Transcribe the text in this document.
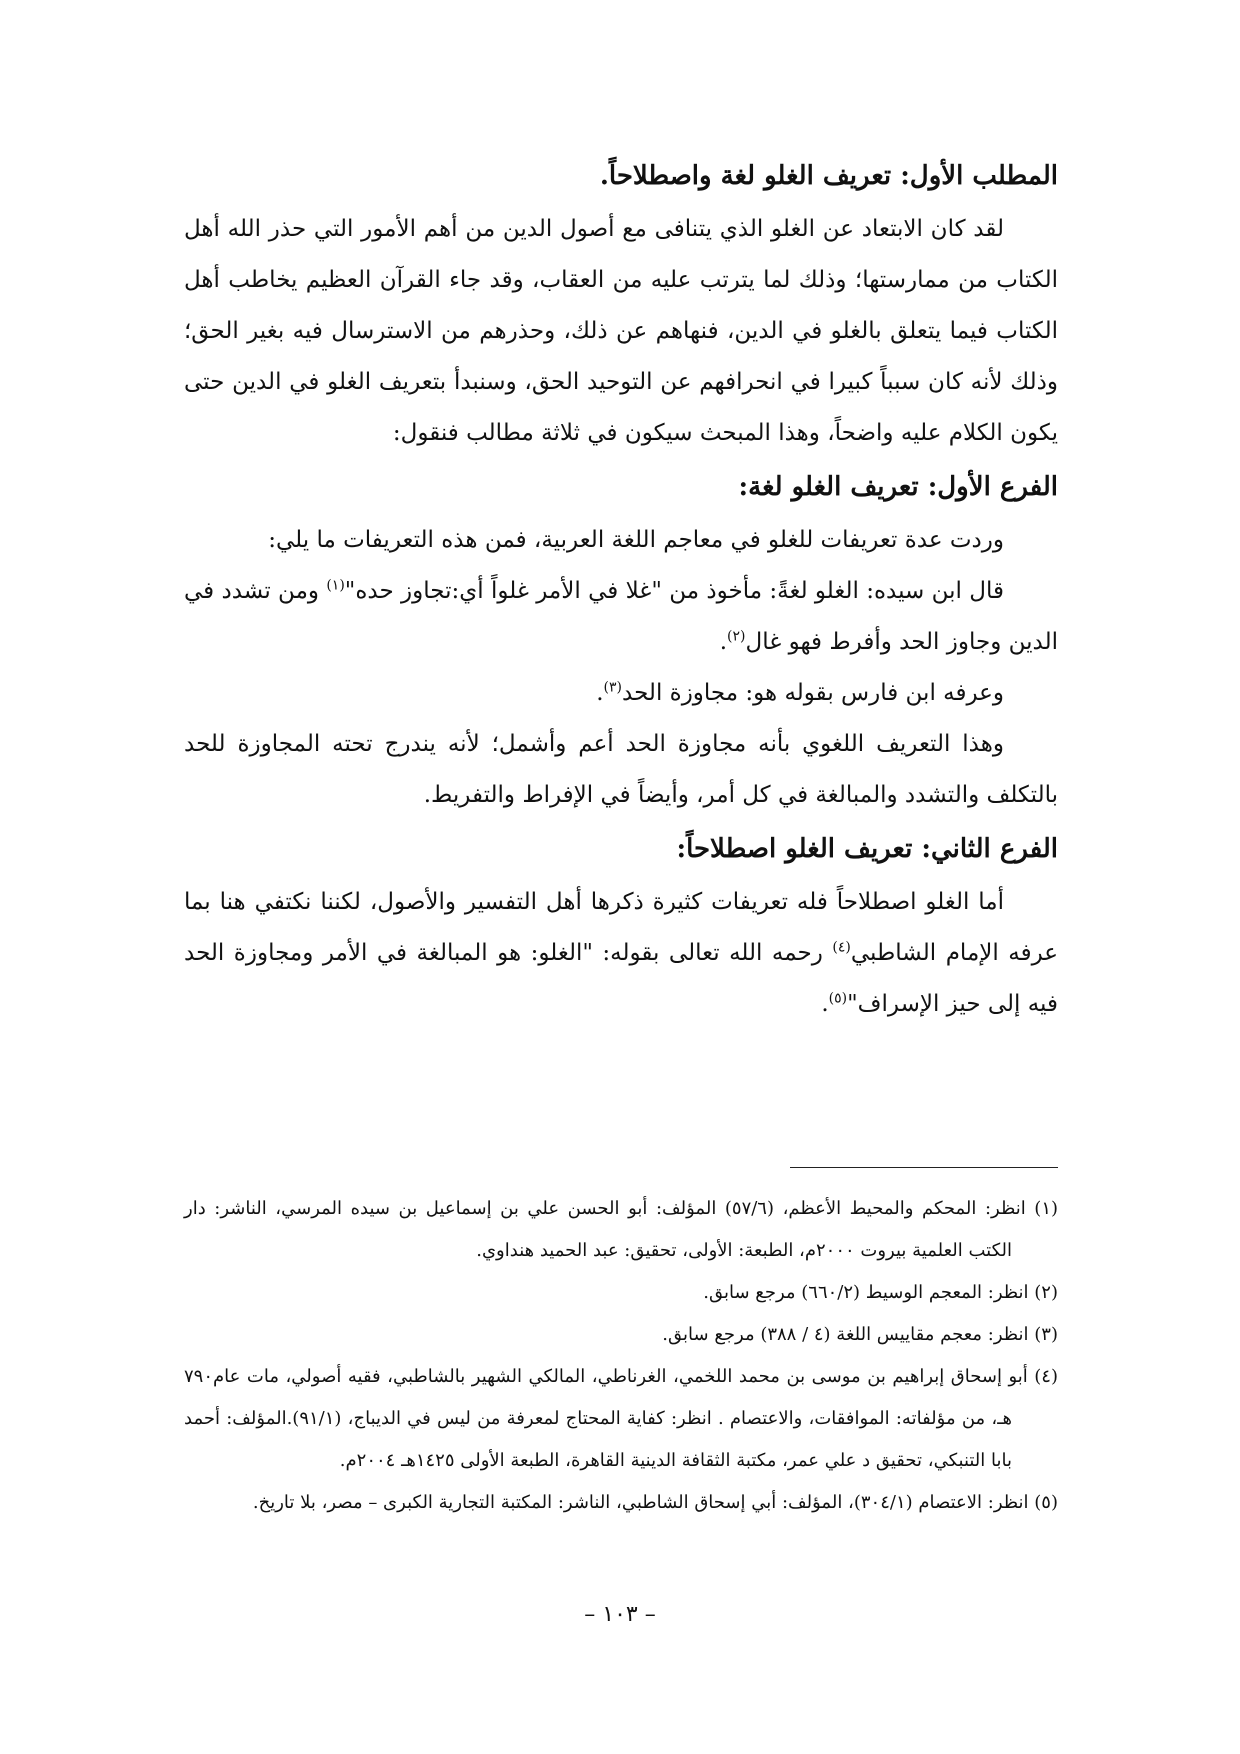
المطلب الأول: تعريف الغلو لغة واصطلاحاً.

لقد كان الابتعاد عن الغلو الذي يتنافى مع أصول الدين من أهم الأمور التي حذر الله أهل الكتاب من ممارستها؛ وذلك لما يترتب عليه من العقاب، وقد جاء القرآن العظيم يخاطب أهل الكتاب فيما يتعلق بالغلو في الدين، فنهاهم عن ذلك، وحذرهم من الاسترسال فيه بغير الحق؛ وذلك لأنه كان سبباً كبيرا في انحرافهم عن التوحيد الحق، وسنبدأ بتعريف الغلو في الدين حتى يكون الكلام عليه واضحاً، وهذا المبحث سيكون في ثلاثة مطالب فنقول:

الفرع الأول: تعريف الغلو لغة:

وردت عدة تعريفات للغلو في معاجم اللغة العربية، فمن هذه التعريفات ما يلي:

قال ابن سيده: الغلو لغةً: مأخوذ من "غلا في الأمر غلواً أي:تجاوز حده"$^{(١)}$ ومن تشدد في الدين وجاوز الحد وأفرط فهو غال$^{(٢)}$.

وعرفه ابن فارس بقوله هو: مجاوزة الحد$^{(٣)}$.

وهذا التعريف اللغوي بأنه مجاوزة الحد أعم وأشمل؛ لأنه يندرج تحته المجاوزة للحد بالتكلف والتشدد والمبالغة في كل أمر، وأيضاً في الإفراط والتفريط.

الفرع الثاني: تعريف الغلو اصطلاحاً:

أما الغلو اصطلاحاً فله تعريفات كثيرة ذكرها أهل التفسير والأصول، لكننا نكتفي هنا بما عرفه الإمام الشاطبي$^{(٤)}$ رحمه الله تعالى بقوله: "الغلو: هو المبالغة في الأمر ومجاوزة الحد فيه إلى حيز الإسراف"$^{(٥)}$.

(١) انظر: المحكم والمحيط الأعظم، (٥٧/٦) المؤلف: أبو الحسن علي بن إسماعيل بن سيده المرسي، الناشر: دار الكتب العلمية بيروت ٢٠٠٠م، الطبعة: الأولى، تحقيق: عبد الحميد هنداوي.

(٢) انظر: المعجم الوسيط (٦٦٠/٢) مرجع سابق.

(٣) انظر: معجم مقاييس اللغة (٤ / ٣٨٨) مرجع سابق.

(٤) أبو إسحاق إبراهيم بن موسى بن محمد اللخمي، الغرناطي، المالكي الشهير بالشاطبي، فقيه أصولي، مات عام٧٩٠ هـ، من مؤلفاته: الموافقات، والاعتصام . انظر: كفاية المحتاج لمعرفة من ليس في الديباج، (٩١/١).المؤلف: أحمد بابا التنبكي، تحقيق د علي عمر، مكتبة الثقافة الدينية القاهرة، الطبعة الأولى ١٤٢٥هـ ٢٠٠٤م.

(٥) انظر: الاعتصام (٣٠٤/١)، المؤلف: أبي إسحاق الشاطبي، الناشر: المكتبة التجارية الكبرى – مصر، بلا تاريخ.

– ١٠٣ –
